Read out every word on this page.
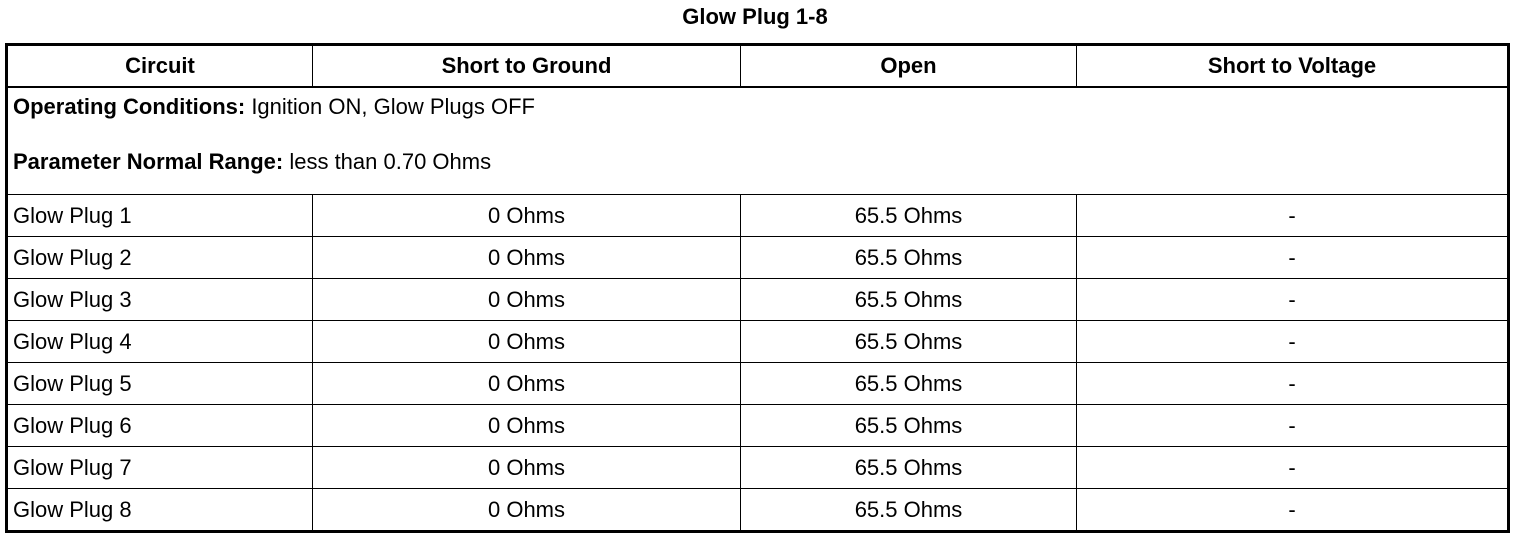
Glow Plug 1-8
Circuit	Short to Ground	Open	Short to Voltage

Operating Conditions: Ignition ON, Glow Plugs OFF
Parameter Normal Range: less than 0.70 Ohms			

Glow Plug 1	0 Ohms	65.5 Ohms	-
Glow Plug 2	0 Ohms	65.5 Ohms	-
Glow Plug 3	0 Ohms	65.5 Ohms	-
Glow Plug 4	0 Ohms	65.5 Ohms	-
Glow Plug 5	0 Ohms	65.5 Ohms	-
Glow Plug 6	0 Ohms	65.5 Ohms	-
Glow Plug 7	0 Ohms	65.5 Ohms	-
Glow Plug 8	0 Ohms	65.5 Ohms	-
